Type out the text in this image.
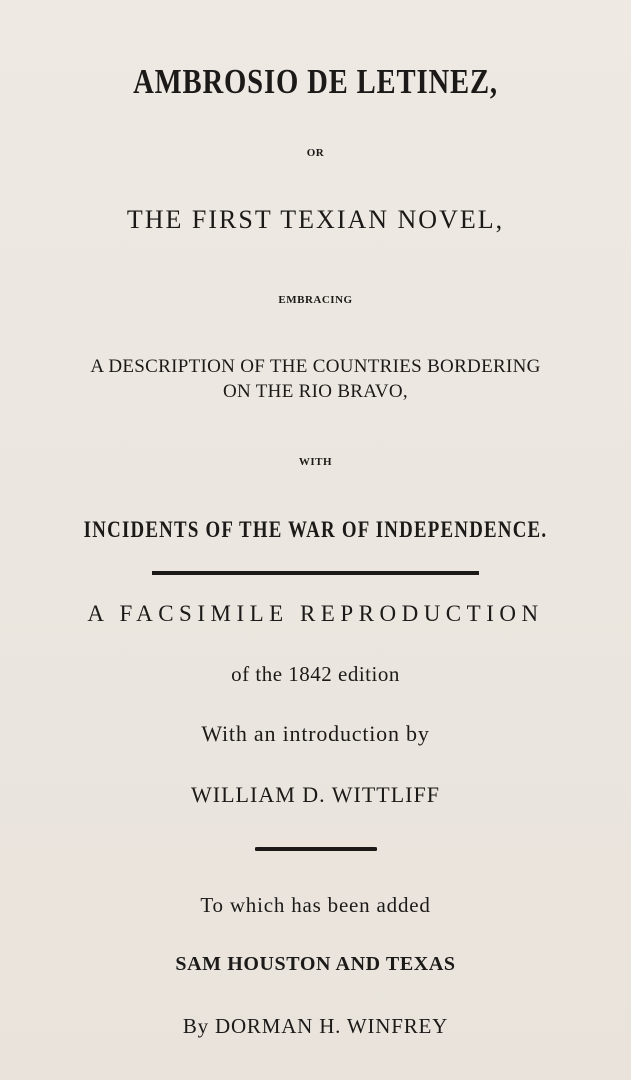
AMBROSIO DE LETINEZ,
OR
THE FIRST TEXIAN NOVEL,
EMBRACING
A DESCRIPTION OF THE COUNTRIES BORDERING
ON THE RIO BRAVO,
WITH
INCIDENTS OF THE WAR OF INDEPENDENCE.
A FACSIMILE REPRODUCTION
of the 1842 edition
With an introduction by
WILLIAM D. WITTLIFF
To which has been added
SAM HOUSTON AND TEXAS
By DORMAN H. WINFREY
